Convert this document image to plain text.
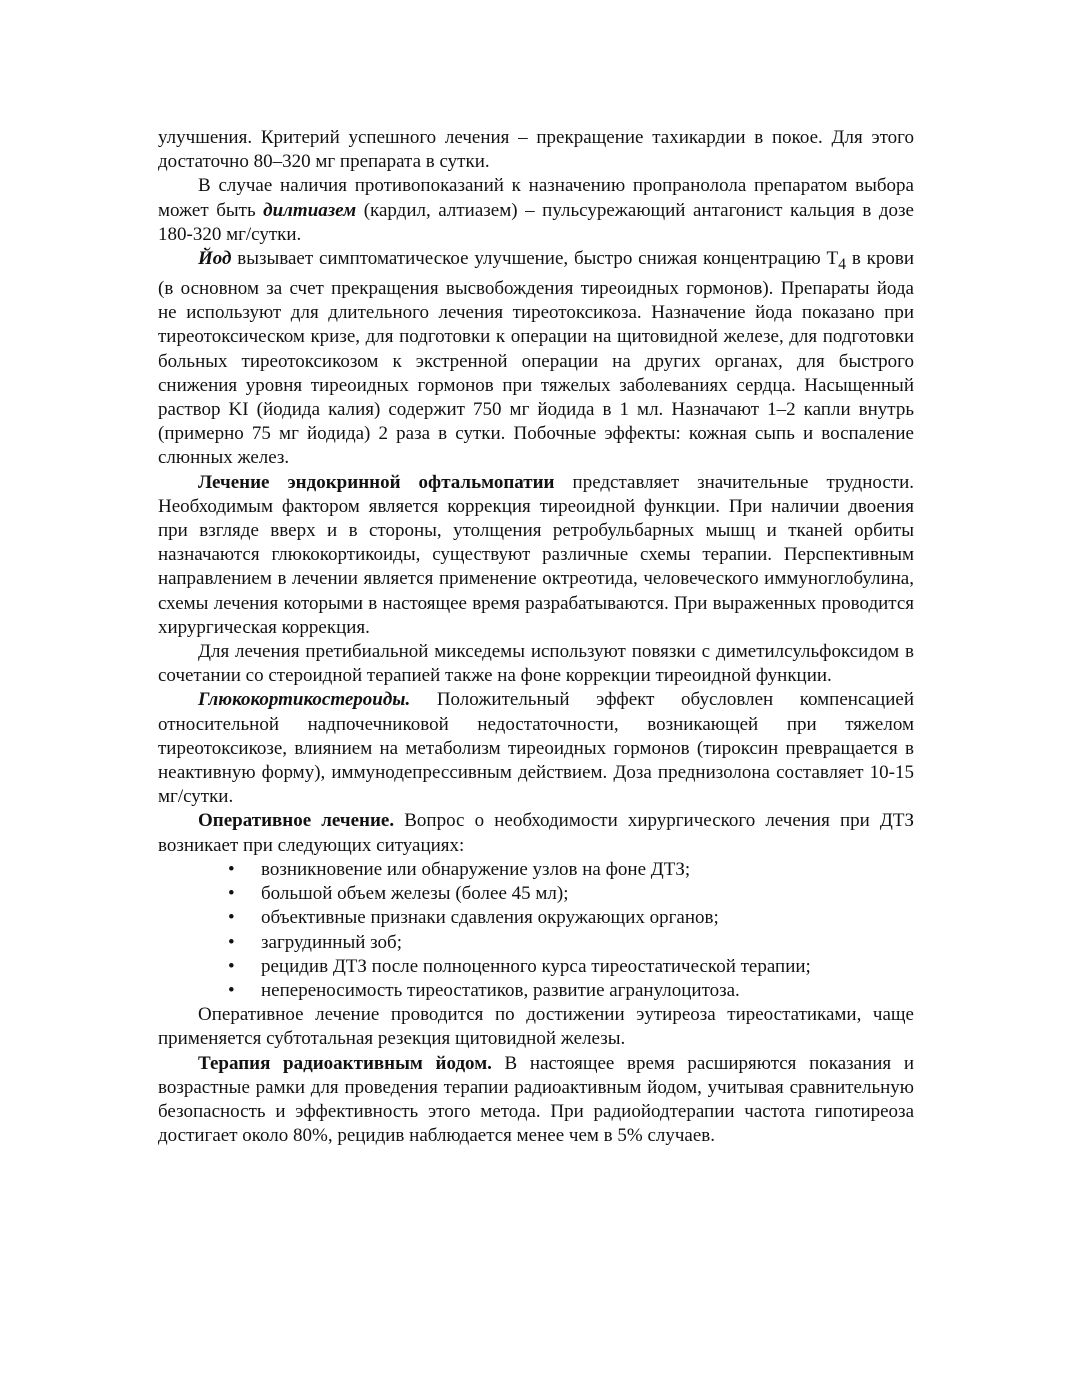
улучшения. Критерий успешного лечения – прекращение тахикардии в покое. Для этого достаточно 80–320 мг препарата в сутки.

В случае наличия противопоказаний к назначению пропранолола препаратом выбора может быть дилтиазем (кардил, алтиазем) – пульсурежающий антагонист кальция в дозе 180-320 мг/сутки.

Йод вызывает симптоматическое улучшение, быстро снижая концентрацию $Т_4$ в крови (в основном за счет прекращения высвобождения тиреоидных гормонов). Препараты йода не используют для длительного лечения тиреотоксикоза. Назначение йода показано при тиреотоксическом кризе, для подготовки к операции на щитовидной железе, для подготовки больных тиреотоксикозом к экстренной операции на других органах, для быстрого снижения уровня тиреоидных гормонов при тяжелых заболеваниях сердца. Насыщенный раствор KI (йодида калия) содержит 750 мг йодида в 1 мл. Назначают 1–2 капли внутрь (примерно 75 мг йодида) 2 раза в сутки. Побочные эффекты: кожная сыпь и воспаление слюнных желез.

Лечение эндокринной офтальмопатии представляет значительные трудности. Необходимым фактором является коррекция тиреоидной функции. При наличии двоения при взгляде вверх и в стороны, утолщения ретробульбарных мышц и тканей орбиты назначаются глюкокортикоиды, существуют различные схемы терапии. Перспективным направлением в лечении является применение октреотида, человеческого иммуноглобулина, схемы лечения которыми в настоящее время разрабатываются. При выраженных проводится хирургическая коррекция.

Для лечения претибиальной микседемы используют повязки с диметилсульфоксидом в сочетании со стероидной терапией также на фоне коррекции тиреоидной функции.

Глюкокортикостероиды. Положительный эффект обусловлен компенсацией относительной надпочечниковой недостаточности, возникающей при тяжелом тиреотоксикозе, влиянием на метаболизм тиреоидных гормонов (тироксин превращается в неактивную форму), иммунодепрессивным действием. Доза преднизолона составляет 10-15 мг/сутки.

Оперативное лечение. Вопрос о необходимости хирургического лечения при ДТЗ возникает при следующих ситуациях:

• возникновение или обнаружение узлов на фоне ДТЗ;
• большой объем железы (более 45 мл);
• объективные признаки сдавления окружающих органов;
• загрудинный зоб;
• рецидив ДТЗ после полноценного курса тиреостатической терапии;
• непереносимость тиреостатиков, развитие агранулоцитоза.

Оперативное лечение проводится по достижении эутиреоза тиреостатиками, чаще применяется субтотальная резекция щитовидной железы.

Терапия радиоактивным йодом. В настоящее время расширяются показания и возрастные рамки для проведения терапии радиоактивным йодом, учитывая сравнительную безопасность и эффективность этого метода. При радиойодтерапии частота гипотиреоза достигает около 80%, рецидив наблюдается менее чем в 5% случаев.
